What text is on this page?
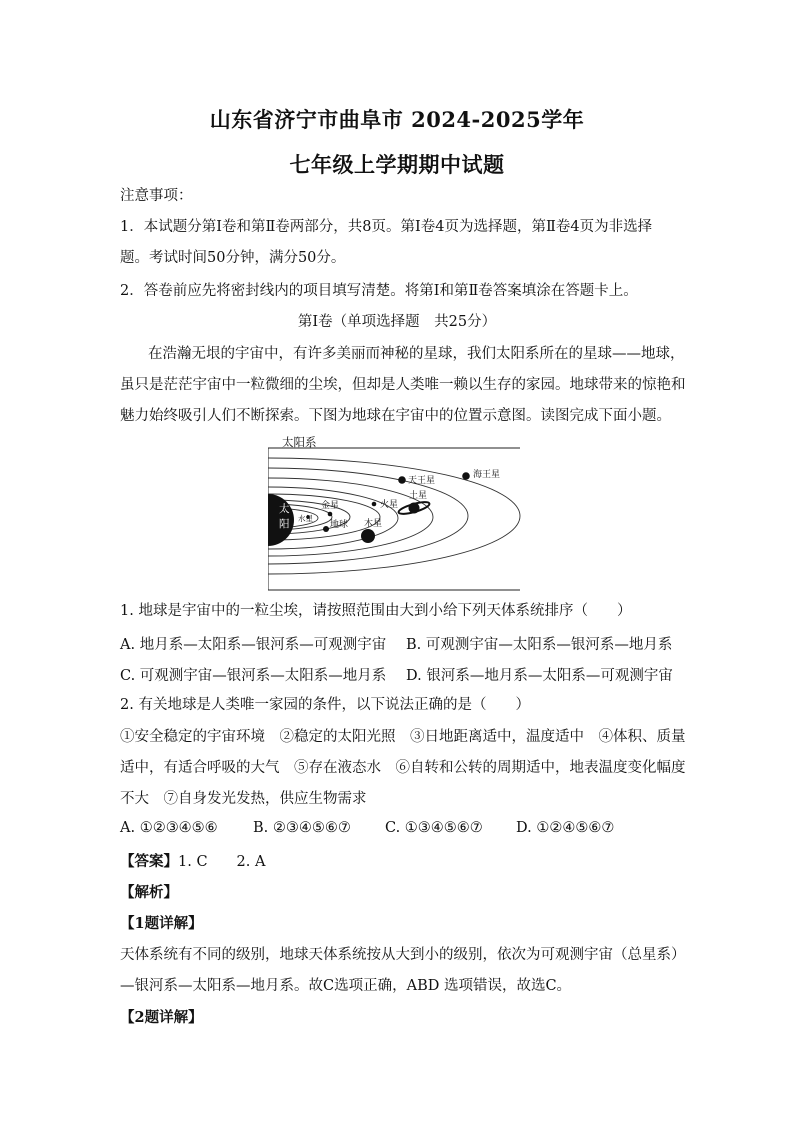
山东省济宁市曲阜市 2024-2025学年
七年级上学期期中试题
注意事项：
1．本试题分第Ⅰ卷和第Ⅱ卷两部分，共8页。第Ⅰ卷4页为选择题，第Ⅱ卷4页为非选择
题。考试时间50分钟，满分50分。
2．答卷前应先将密封线内的项目填写清楚。将第Ⅰ和第Ⅱ卷答案填涂在答题卡上。
第Ⅰ卷（单项选择题　共25分）
在浩瀚无垠的宇宙中，有许多美丽而神秘的星球，我们太阳系所在的星球——地球，
虽只是茫茫宇宙中一粒微细的尘埃，但却是人类唯一赖以生存的家园。地球带来的惊艳和
魅力始终吸引人们不断探索。下图为地球在宇宙中的位置示意图。读图完成下面小题。
太阳系
太
阳 水星
金星
地球
火星
木星
土星
天王星
海王星
1. 地球是宇宙中的一粒尘埃，请按照范围由大到小给下列天体系统排序（　　）
A. 地月系—太阳系—银河系—可观测宇宙 B. 可观测宇宙—太阳系—银河系—地月系
C. 可观测宇宙—银河系—太阳系—地月系 D. 银河系—地月系—太阳系—可观测宇宙
2. 有关地球是人类唯一家园的条件，以下说法正确的是（　　）
①安全稳定的宇宙环境　②稳定的太阳光照　③日地距离适中，温度适中　④体积、质量
适中，有适合呼吸的大气　⑤存在液态水　⑥自转和公转的周期适中，地表温度变化幅度
不大　⑦自身发光发热，供应生物需求
A. ①②③④⑤⑥ B. ②③④⑤⑥⑦ C. ①③④⑤⑥⑦ D. ①②④⑤⑥⑦
【答案】1. C　　2. A
【解析】
【1题详解】
天体系统有不同的级别，地球天体系统按从大到小的级别，依次为可观测宇宙（总星系）
—银河系—太阳系—地月系。故C选项正确，ABD 选项错误，故选C。
【2题详解】
